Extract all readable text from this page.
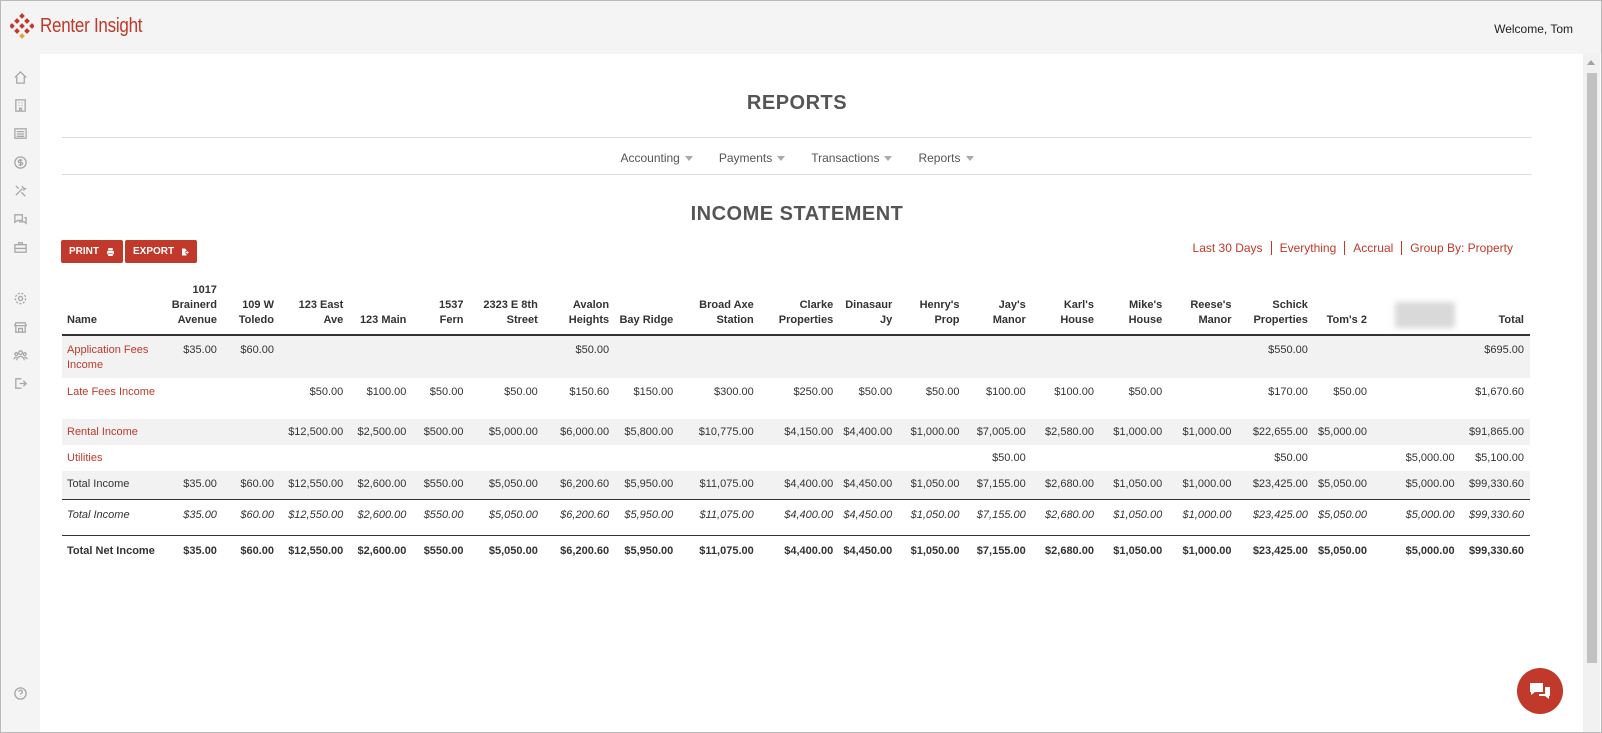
Renter Insight	Welcome, Tom
REPORTS
Accounting	Payments	Transactions	Reports
INCOME STATEMENT
PRINT	EXPORT	Last 30 Days	Everything	Accrual	Group By: Property
Name	1017 Brainerd Avenue	109 W Toledo	123 East Ave	123 Main	1537 Fern	2323 E 8th Street	Avalon Heights	Bay Ridge	Broad Axe Station	Clarke Properties	Dinasaur Jy	Henry's Prop	Jay's Manor	Karl's House	Mike's House	Reese's Manor	Schick Properties	Tom's 2		Total
Application Fees Income	$35.00	$60.00					$50.00										$550.00			$695.00
Late Fees Income			$50.00	$100.00	$50.00	$50.00	$150.60	$150.00	$300.00	$250.00	$50.00	$50.00	$100.00	$100.00	$50.00		$170.00	$50.00		$1,670.60
Rental Income			$12,500.00	$2,500.00	$500.00	$5,000.00	$6,000.00	$5,800.00	$10,775.00	$4,150.00	$4,400.00	$1,000.00	$7,005.00	$2,580.00	$1,000.00	$1,000.00	$22,655.00	$5,000.00		$91,865.00
Utilities													$50.00				$50.00		$5,000.00	$5,100.00
Total Income	$35.00	$60.00	$12,550.00	$2,600.00	$550.00	$5,050.00	$6,200.60	$5,950.00	$11,075.00	$4,400.00	$4,450.00	$1,050.00	$7,155.00	$2,680.00	$1,050.00	$1,000.00	$23,425.00	$5,050.00	$5,000.00	$99,330.60
Total Income	$35.00	$60.00	$12,550.00	$2,600.00	$550.00	$5,050.00	$6,200.60	$5,950.00	$11,075.00	$4,400.00	$4,450.00	$1,050.00	$7,155.00	$2,680.00	$1,050.00	$1,000.00	$23,425.00	$5,050.00	$5,000.00	$99,330.60
Total Net Income	$35.00	$60.00	$12,550.00	$2,600.00	$550.00	$5,050.00	$6,200.60	$5,950.00	$11,075.00	$4,400.00	$4,450.00	$1,050.00	$7,155.00	$2,680.00	$1,050.00	$1,000.00	$23,425.00	$5,050.00	$5,000.00	$99,330.60
